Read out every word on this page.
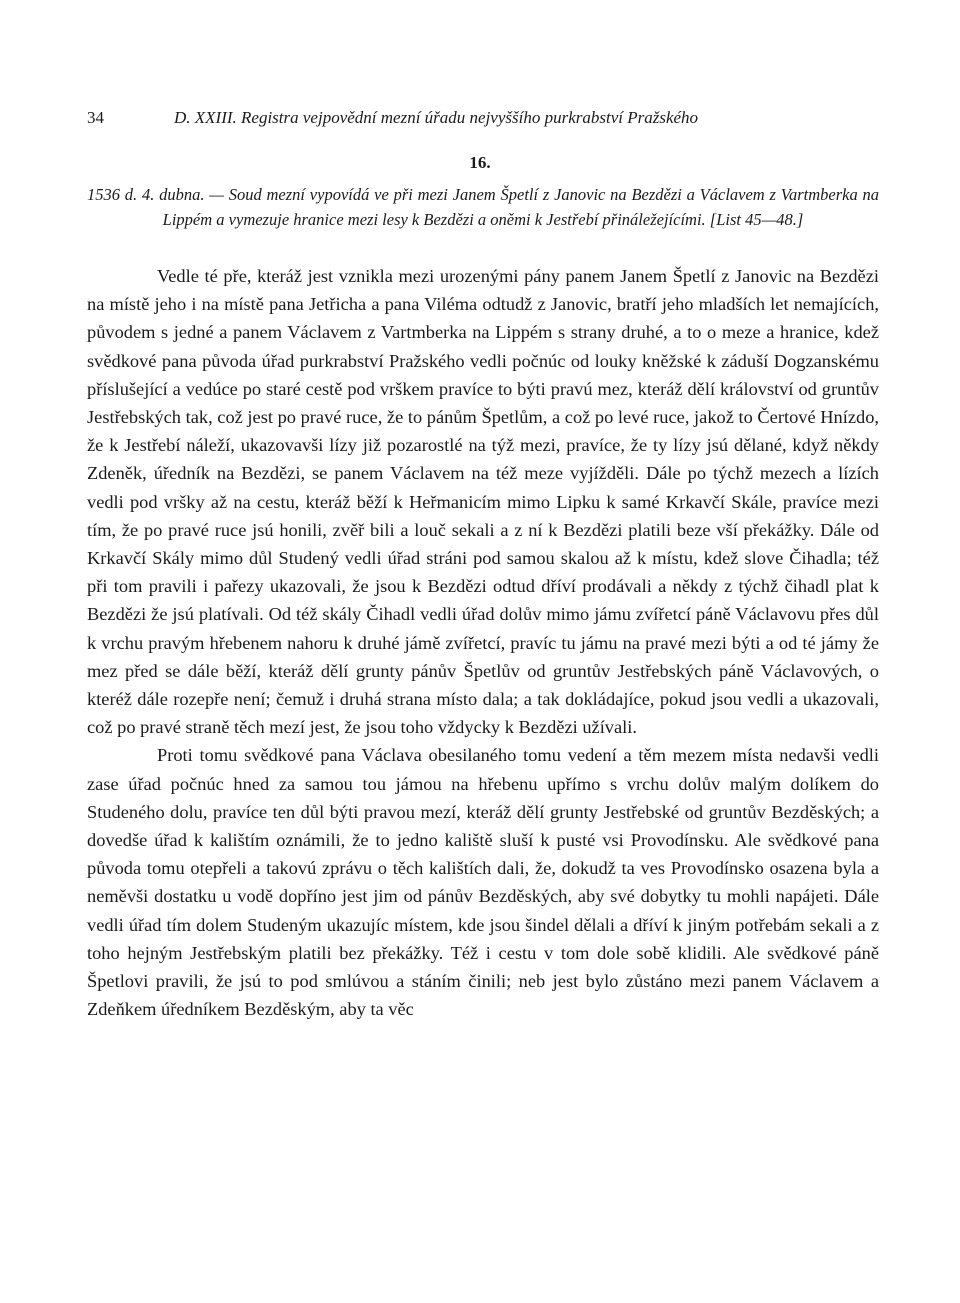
34	D. XXIII. Registra vejpovědní mezní úřadu nejvyššího purkrabství Pražského
16.
1536 d. 4. dubna. — Soud mezní vypovídá ve při mezi Janem Špetlí z Janovic na Bezdězi a Václavem z Vartmberka na Lippém a vymezuje hranice mezi lesy k Bezdězi a oněmi k Jestřebí přináležejícími. [List 45—48.]

Vedle té pře, kteráž jest vznikla mezi urozenými pány panem Janem Špetlí z Janovic na Bezdězi na místě jeho i na místě pana Jetřicha a pana Viléma odtudž z Janovic, bratří jeho mladších let nemajících, původem s jedné a panem Václavem z Vartmberka na Lippém s strany druhé, a to o meze a hranice, kdež svědkové pana původa úřad purkrabství Pražského vedli počnúc od louky kněžské k záduší Dogzanskému příslušející a vedúce po staré cestě pod vrškem pravíce to býti pravú mez, kteráž dělí království od gruntův Jestřebských tak, což jest po pravé ruce, že to pánům Špetlům, a což po levé ruce, jakož to Čertové Hnízdo, že k Jestřebí náleží, ukazovavši lízy již pozarostlé na týž mezi, pravíce, že ty lízy jsú dělané, když někdy Zdeněk, úředník na Bezdězi, se panem Václavem na též meze vyjížděli. Dále po týchž mezech a lízích vedli pod vršky až na cestu, kteráž běží k Heřmanicím mimo Lipku k samé Krkavčí Skále, pravíce mezi tím, že po pravé ruce jsú honili, zvěř bili a louč sekali a z ní k Bezdězi platili beze vší překážky. Dále od Krkavčí Skály mimo důl Studený vedli úřad stráni pod samou skalou až k místu, kdež slove Čihadla; též při tom pravili i pařezy ukazovali, že jsou k Bezdězi odtud dříví prodávali a někdy z týchž čihadl plat k Bezdězi že jsú platívali. Od též skály Čihadl vedli úřad dolův mimo jámu zvířetcí páně Václavovu přes důl k vrchu pravým hřebenem nahoru k druhé jámě zvířetcí, pravíc tu jámu na pravé mezi býti a od té jámy že mez před se dále běží, kteráž dělí grunty pánův Špetlův od gruntův Jestřebských páně Václavových, o kteréž dále rozepře není; čemuž i druhá strana místo dala; a tak dokládajíce, pokud jsou vedli a ukazovali, což po pravé straně těch mezí jest, že jsou toho vždycky k Bezdězi užívali.

Proti tomu svědkové pana Václava obesilaného tomu vedení a těm mezem místa nedavši vedli zase úřad počnúc hned za samou tou jámou na hřebenu upřímo s vrchu dolův malým dolíkem do Studeného dolu, pravíce ten důl býti pravou mezí, kteráž dělí grunty Jestřebské od gruntův Bezděských; a dovedše úřad k kalištím oznámili, že to jedno kaliště sluší k pusté vsi Provodínsku. Ale svědkové pana původa tomu otepřeli a takovú zprávu o těch kalištích dali, že, dokudž ta ves Provodínsko osazena byla a neměvši dostatku u vodě dopříno jest jim od pánův Bezděských, aby své dobytky tu mohli napájeti. Dále vedli úřad tím dolem Studeným ukazujíc místem, kde jsou šindel dělali a dříví k jiným potřebám sekali a z toho hejným Jestřebským platili bez překážky. Též i cestu v tom dole sobě klidili. Ale svědkové páně Špetlovi pravili, že jsú to pod smlúvou a stáním činili; neb jest bylo zůstáno mezi panem Václavem a Zdeňkem úředníkem Bezděským, aby ta věc
